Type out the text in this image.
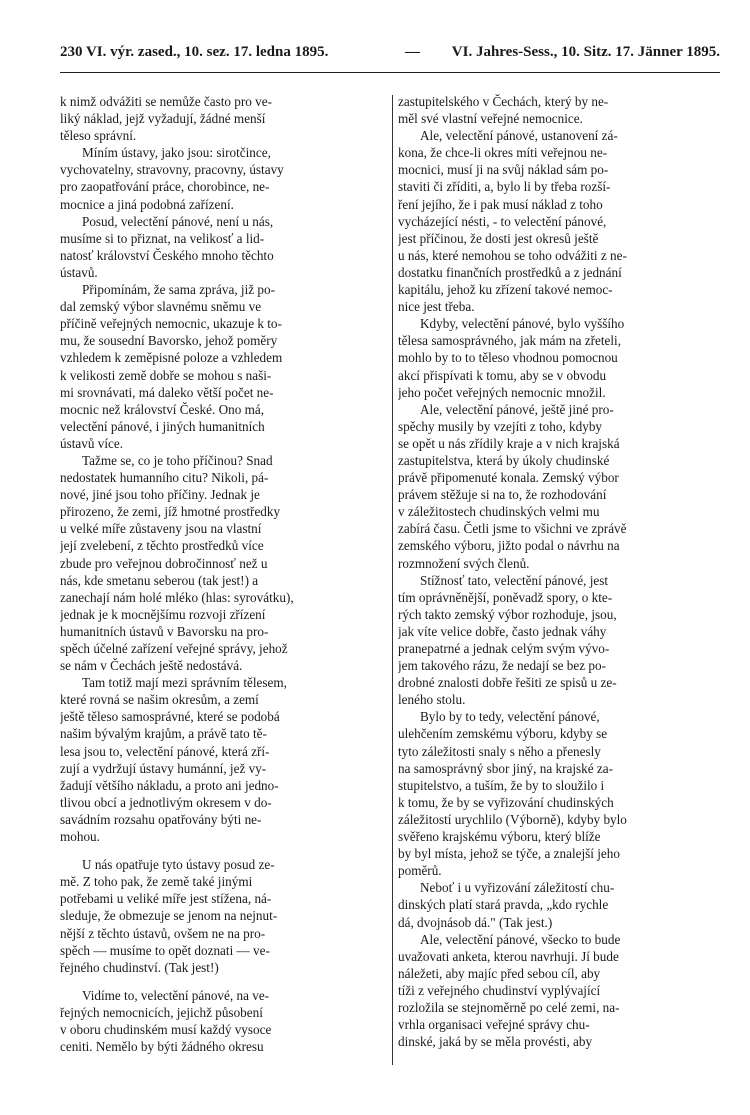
230 VI. výr. zased., 10. sez. 17. ledna 1895.	— VI. Jahres-Sess., 10. Sitz. 17. Jänner 1895.
k nimž odvážiti se nemůže často pro ve-
liký náklad, jejž vyžadují, žádné menší
těleso správní.
Míním ústavy, jako jsou: sirotčince,
vychovatelny, stravovny, pracovny, ústavy
pro zaopatřování práce, chorobince, ne-
mocnice a jiná podobná zařízení.
Posud, velectění pánové, není u nás,
musíme si to přiznat, na velikosť a lid-
natosť království Českého mnoho těchto
ústavů.
Připomínám, že sama zpráva, již po-
dal zemský výbor slavnému sněmu ve
příčině veřejných nemocnic, ukazuje k to-
mu, že sousední Bavorsko, jehož poměry
vzhledem k zeměpisné poloze a vzhledem
k velikosti země dobře se mohou s naši-
mi srovnávati, má daleko větší počet ne-
mocnic než království České. Ono má,
velectění pánové, i jiných humanitních
ústavů více.
Tažme se, co je toho příčinou? Snad
nedostatek humanního citu? Nikoli, pá-
nové, jiné jsou toho příčiny. Jednak je
přirozeno, že zemi, jíž hmotné prostředky
u velké míře zůstaveny jsou na vlastní
její zvelebení, z těchto prostředků více
zbude pro veřejnou dobročinnosť než u
nás, kde smetanu seberou (tak jest!) a
zanechají nám holé mléko (hlas: syrovátku),
jednak je k mocnějšímu rozvoji zřízení
humanitních ústavů v Bavorsku na pro-
spěch účelné zařízení veřejné správy, jehož
se nám v Čechách ještě nedostává.
Tam totiž mají mezi správním tělesem,
které rovná se našim okresům, a zemí
ještě těleso samosprávné, které se podobá
našim bývalým krajům, a právě tato tě-
lesa jsou to, velectění pánové, která zří-
zují a vydržují ústavy humánní, jež vy-
žadují většího nákladu, a proto ani jedno-
tlivou obcí a jednotlivým okresem v do-
savádním rozsahu opatřovány býti ne-
mohou.
U nás opatřuje tyto ústavy posud ze-
mě. Z toho pak, že země také jinými
potřebami u veliké míře jest stížena, ná-
sleduje, že obmezuje se jenom na nejnut-
nější z těchto ústavů, ovšem ne na pro-
spěch — musíme to opět doznati — ve-
řejného chudinství. (Tak jest!)
Vidíme to, velectění pánové, na ve-
řejných nemocnicích, jejichž působení
v oboru chudinském musí každý vysoce
ceniti. Nemělo by býti žádného okresu
zastupitelského v Čechách, který by ne-
měl své vlastní veřejné nemocnice.
Ale, velectění pánové, ustanovení zá-
kona, že chce-li okres míti veřejnou ne-
mocnici, musí ji na svůj náklad sám po-
staviti či zříditi, a, bylo li by třeba rozší-
ření jejího, že i pak musí náklad z toho
vycházející nésti, - to velectění pánové,
jest příčinou, že dosti jest okresů ještě
u nás, které nemohou se toho odvážiti z ne-
dostatku finančních prostředků a z jednání
kapitálu, jehož ku zřízení takové nemoc-
nice jest třeba.
Kdyby, velectění pánové, bylo vyššího
tělesa samosprávného, jak mám na zřeteli,
mohlo by to to těleso vhodnou pomocnou
akcí přispívati k tomu, aby se v obvodu
jeho počet veřejných nemocnic množil.
Ale, velectění pánové, ještě jiné pro-
spěchy musily by vzejíti z toho, kdyby
se opět u nás zřídily kraje a v nich krajská
zastupitelstva, která by úkoly chudinské
právě připomenuté konala. Zemský výbor
právem stěžuje si na to, že rozhodování
v záležitostech chudinských velmi mu
zabírá času. Četli jsme to všichni ve zprávě
zemského výboru, jižto podal o návrhu na
rozmnožení svých členů.
Stížnosť tato, velectění pánové, jest
tím oprávněnější, poněvadž spory, o kte-
rých takto zemský výbor rozhoduje, jsou,
jak víte velice dobře, často jednak váhy
pranepatrné a jednak celým svým vývo-
jem takového rázu, že nedají se bez po-
drobné znalosti dobře řešiti ze spisů u ze-
leného stolu.
Bylo by to tedy, velectění pánové,
ulehčením zemskému výboru, kdyby se
tyto záležitosti snaly s něho a přenesly
na samosprávný sbor jiný, na krajské za-
stupitelstvo, a tuším, že by to sloužilo i
k tomu, že by se vyřizování chudinských
záležitostí urychlilo (Výborně), kdyby bylo
svěřeno krajskému výboru, který blíže
by byl místa, jehož se týče, a znalejší jeho
poměrů.
Neboť i u vyřizování záležitostí chu-
dinských platí stará pravda, „kdo rychle
dá, dvojnásob dá." (Tak jest.)
Ale, velectění pánové, všecko to bude
uvažovati anketa, kterou navrhuji. Jí bude
náležeti, aby majíc před sebou cíl, aby
tíži z veřejného chudinství vyplývající
rozložila se stejnoměrně po celé zemi, na-
vrhla organisaci veřejné správy chu-
dinské, jaká by se měla provésti, aby
